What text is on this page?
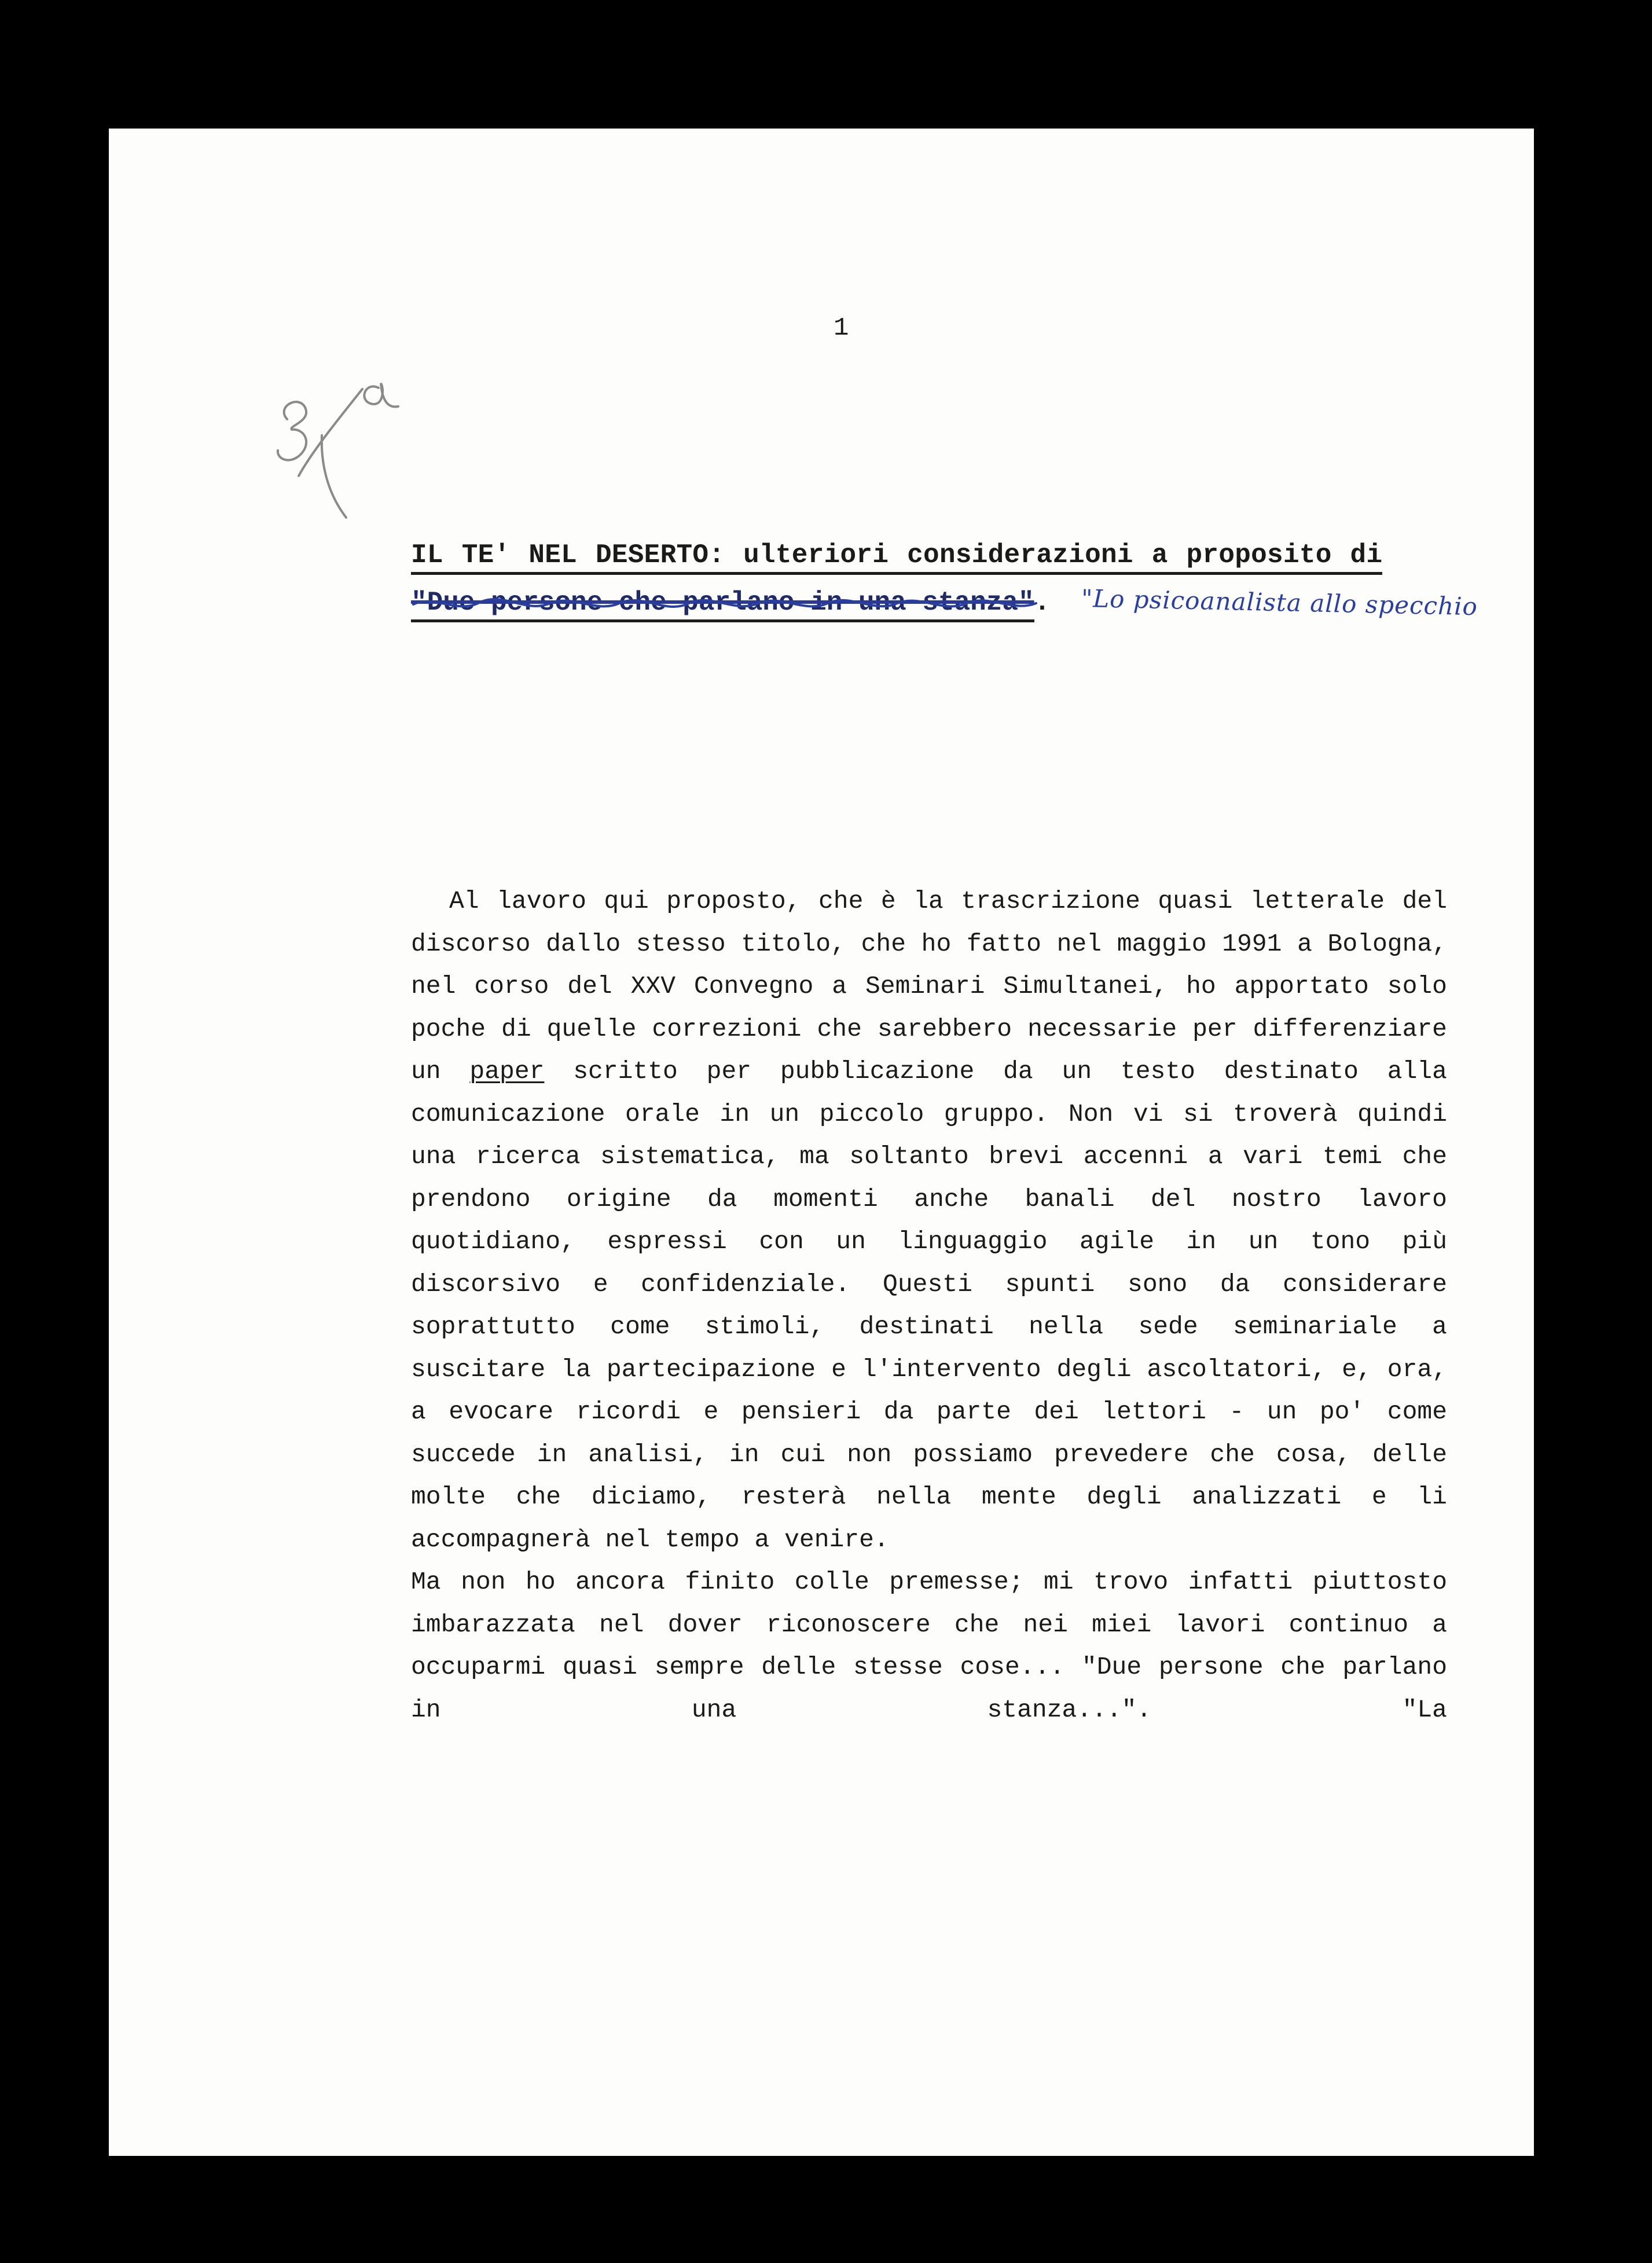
1
IL TE' NEL DESERTO: ulteriori considerazioni a proposito di
"Due persone che parlano in una stanza". "Lo psicoanalista allo specchio

Al lavoro qui proposto, che è la trascrizione quasi letterale del discorso dallo stesso titolo, che ho fatto nel maggio 1991 a Bologna, nel corso del XXV Convegno a Seminari Simultanei, ho apportato solo poche di quelle correzioni che sarebbero necessarie per differenziare un paper scritto per pubblicazione da un testo destinato alla comunicazione orale in un piccolo gruppo. Non vi si troverà quindi una ricerca sistematica, ma soltanto brevi accenni a vari temi che prendono origine da momenti anche banali del nostro lavoro quotidiano, espressi con un linguaggio agile in un tono più discorsivo e confidenziale. Questi spunti sono da considerare soprattutto come stimoli, destinati nella sede seminariale a suscitare la partecipazione e l'intervento degli ascoltatori, e, ora, a evocare ricordi e pensieri da parte dei lettori - un po' come succede in analisi, in cui non possiamo prevedere che cosa, delle molte che diciamo, resterà nella mente degli analizzati e li accompagnerà nel tempo a venire.

Ma non ho ancora finito colle premesse; mi trovo infatti piuttosto imbarazzata nel dover riconoscere che nei miei lavori continuo a occuparmi quasi sempre delle stesse cose... "Due persone che parlano in una stanza...". "La
